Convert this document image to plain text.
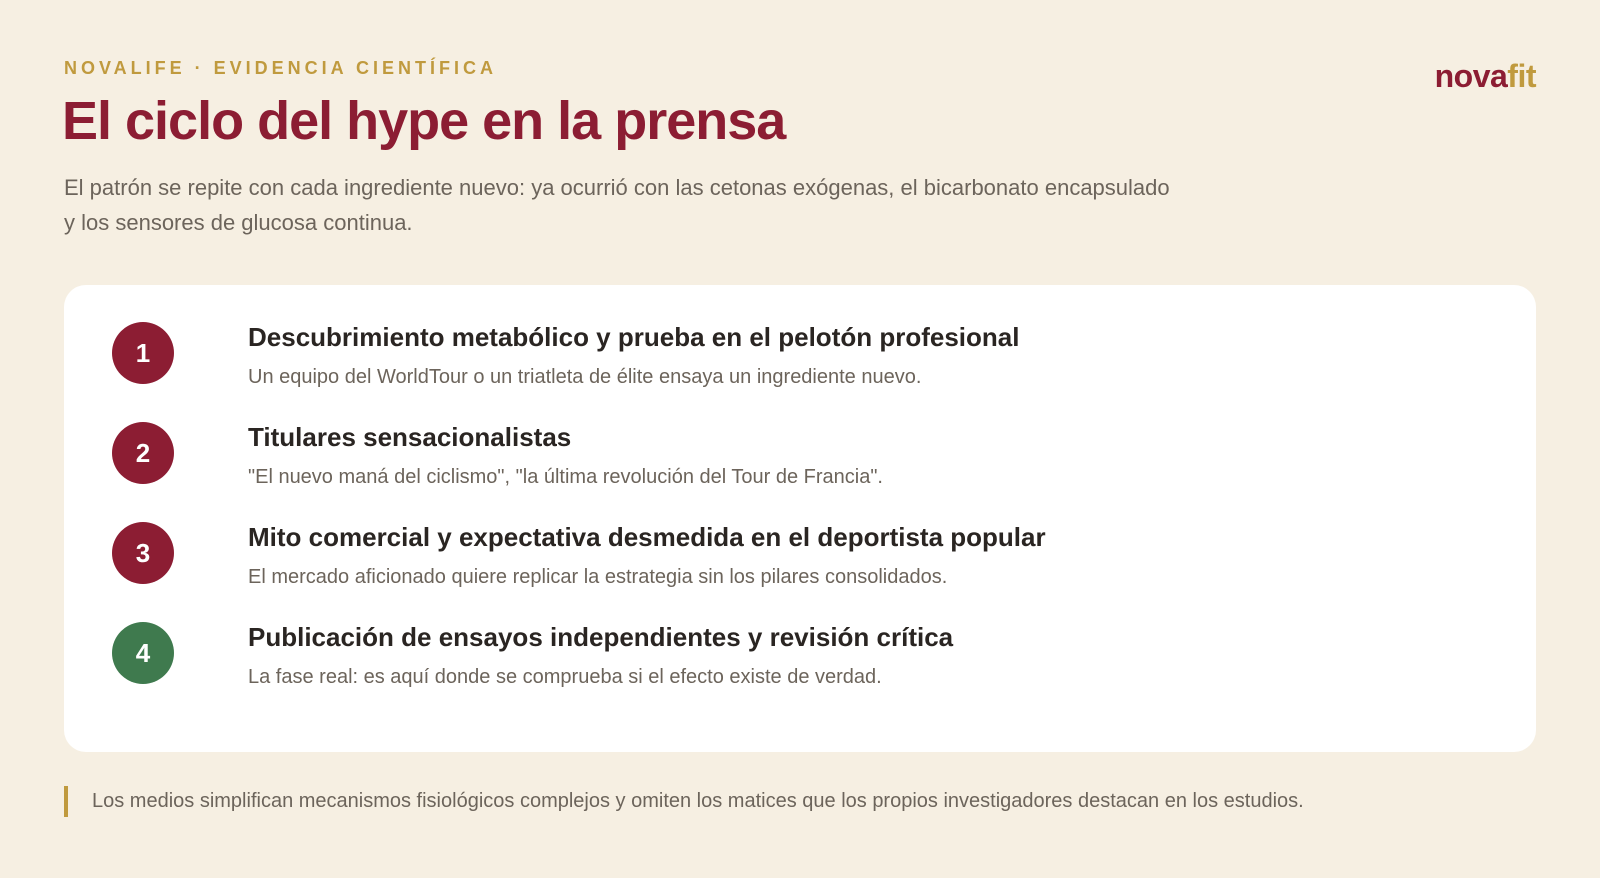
NOVALIFE · EVIDENCIA CIENTÍFICA	novafit
El ciclo del hype en la prensa

El patrón se repite con cada ingrediente nuevo: ya ocurrió con las cetonas exógenas, el bicarbonato encapsulado y los sensores de glucosa continua.

1
Descubrimiento metabólico y prueba en el pelotón profesional
Un equipo del WorldTour o un triatleta de élite ensaya un ingrediente nuevo.
2
Titulares sensacionalistas
"El nuevo maná del ciclismo", "la última revolución del Tour de Francia".
3
Mito comercial y expectativa desmedida en el deportista popular
El mercado aficionado quiere replicar la estrategia sin los pilares consolidados.
4
Publicación de ensayos independientes y revisión crítica
La fase real: es aquí donde se comprueba si el efecto existe de verdad.
Los medios simplifican mecanismos fisiológicos complejos y omiten los matices que los propios investigadores destacan en los estudios.
